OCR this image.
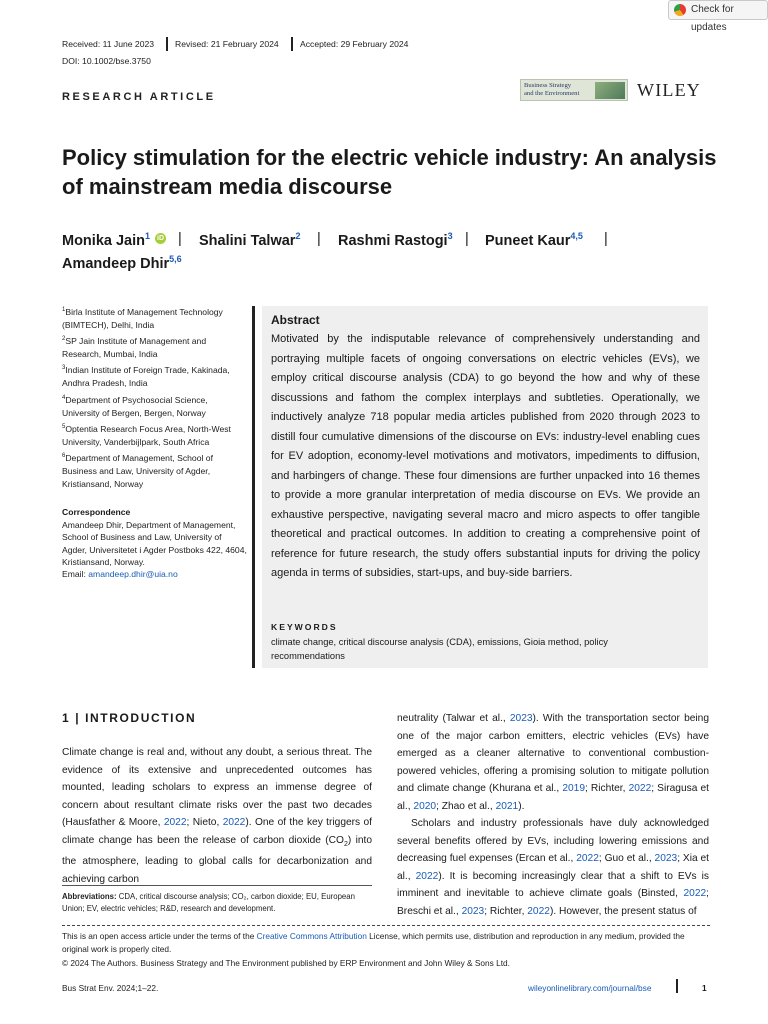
Check for updates
Received: 11 June 2023 Revised: 21 February 2024 Accepted: 29 February 2024
DOI: 10.1002/bse.3750
RESEARCH ARTICLE
Business Strategy
and the Environment	WILEY
Policy stimulation for the electric vehicle industry: An analysis of mainstream media discourse
Monika Jain$^1$ iD | Shalini Talwar$^2$ | Rashmi Rastogi$^3$ | Puneet Kaur$^{4,5}$ |
Amandeep Dhir$^{5,6}$
$^1$Birla Institute of Management Technology (BIMTECH), Delhi, India
$^2$SP Jain Institute of Management and Research, Mumbai, India
$^3$Indian Institute of Foreign Trade, Kakinada, Andhra Pradesh, India
$^4$Department of Psychosocial Science, University of Bergen, Bergen, Norway
$^5$Optentia Research Focus Area, North-West University, Vanderbijlpark, South Africa
$^6$Department of Management, School of Business and Law, University of Agder, Kristiansand, Norway
Correspondence
Amandeep Dhir, Department of Management, School of Business and Law, University of Agder, Universitetet i Agder Postboks 422, 4604, Kristiansand, Norway.
Email: amandeep.dhir@uia.no
Abstract
Motivated by the indisputable relevance of comprehensively understanding and portraying multiple facets of ongoing conversations on electric vehicles (EVs), we employ critical discourse analysis (CDA) to go beyond the how and why of these discussions and fathom the complex interplays and subtleties. Operationally, we inductively analyze 718 popular media articles published from 2020 through 2023 to distill four cumulative dimensions of the discourse on EVs: industry-level enabling cues for EV adoption, economy-level motivations and motivators, impediments to diffusion, and harbingers of change. These four dimensions are further unpacked into 16 themes to provide a more granular interpretation of media discourse on EVs. We provide an exhaustive perspective, navigating several macro and micro aspects to offer tangible theoretical and practical outcomes. In addition to creating a comprehensive point of reference for future research, the study offers substantial inputs for driving the policy agenda in terms of subsidies, start-ups, and buy-side barriers.
KEYWORDS
climate change, critical discourse analysis (CDA), emissions, Gioia method, policy recommendations
1 | INTRODUCTION
Climate change is real and, without any doubt, a serious threat. The evidence of its extensive and unprecedented outcomes has mounted, leading scholars to express an immense degree of concern about resultant climate risks over the past two decades (Hausfather & Moore, 2022; Nieto, 2022). One of the key triggers of climate change has been the release of carbon dioxide $(CO_2)$ into the atmosphere, leading to global calls for decarbonization and achieving carbon

neutrality (Talwar et al., 2023). With the transportation sector being one of the major carbon emitters, electric vehicles (EVs) have emerged as a cleaner alternative to conventional combustion-powered vehicles, offering a promising solution to mitigate pollution and climate change (Khurana et al., 2019; Richter, 2022; Siragusa et al., 2020; Zhao et al., 2021).

Scholars and industry professionals have duly acknowledged several benefits offered by EVs, including lowering emissions and decreasing fuel expenses (Ercan et al., 2022; Guo et al., 2023; Xia et al., 2022). It is becoming increasingly clear that a shift to EVs is imminent and inevitable to achieve climate goals (Binsted, 2022; Breschi et al., 2023; Richter, 2022). However, the present status of

Abbreviations: CDA, critical discourse analysis; CO₂, carbon dioxide; EU, European Union; EV, electric vehicles; R&D, research and development.
This is an open access article under the terms of the Creative Commons Attribution License, which permits use, distribution and reproduction in any medium, provided the original work is properly cited.
© 2024 The Authors. Business Strategy and The Environment published by ERP Environment and John Wiley & Sons Ltd.
Bus Strat Env. 2024;1–22.	wileyonlinelibrary.com/journal/bse	1
